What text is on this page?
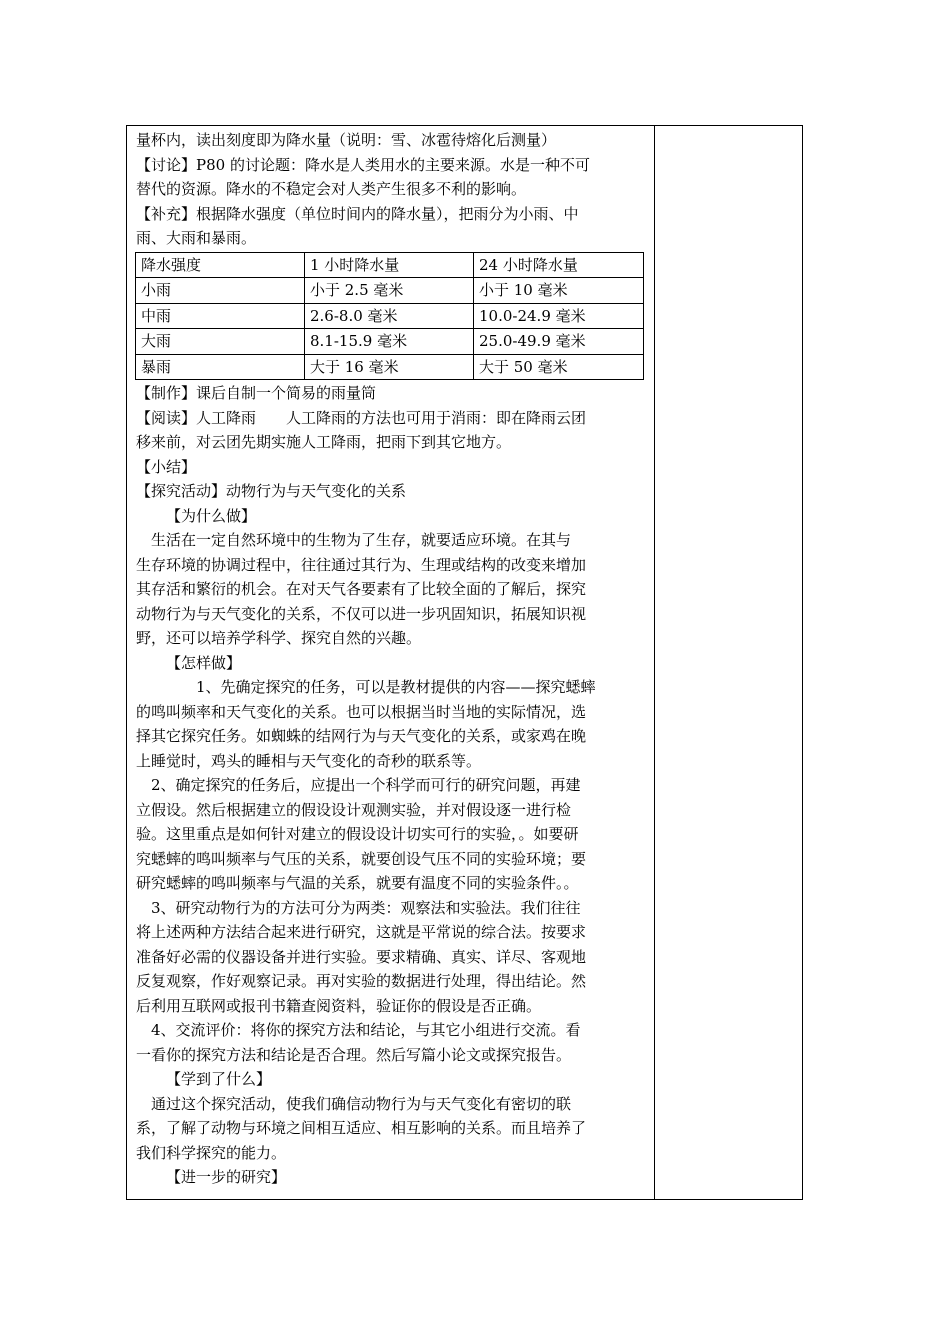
量杯内，读出刻度即为降水量（说明：雪、冰雹待熔化后测量）

【讨论】P80 的讨论题：降水是人类用水的主要来源。水是一种不可

替代的资源。降水的不稳定会对人类产生很多不利的影响。

【补充】根据降水强度（单位时间内的降水量），把雨分为小雨、中

雨、大雨和暴雨。

降水强度	1 小时降水量	24 小时降水量
小雨	小于 2.5 毫米	小于 10 毫米
中雨	2.6-8.0 毫米	10.0-24.9 毫米
大雨	8.1-15.9 毫米	25.0-49.9 毫米
暴雨	大于 16 毫米	大于 50 毫米

【制作】课后自制一个简易的雨量筒

【阅读】人工降雨　　人工降雨的方法也可用于消雨：即在降雨云团

移来前，对云团先期实施人工降雨，把雨下到其它地方。

【小结】

【探究活动】动物行为与天气变化的关系

【为什么做】

生活在一定自然环境中的生物为了生存，就要适应环境。在其与

生存环境的协调过程中，往往通过其行为、生理或结构的改变来增加

其存活和繁衍的机会。在对天气各要素有了比较全面的了解后，探究

动物行为与天气变化的关系，不仅可以进一步巩固知识，拓展知识视

野，还可以培养学科学、探究自然的兴趣。

【怎样做】

1、先确定探究的任务，可以是教材提供的内容——探究蟋蟀

的鸣叫频率和天气变化的关系。也可以根据当时当地的实际情况，选

择其它探究任务。如蜘蛛的结网行为与天气变化的关系，或家鸡在晚

上睡觉时，鸡头的睡相与天气变化的奇秒的联系等。

2、确定探究的任务后，应提出一个科学而可行的研究问题，再建

立假设。然后根据建立的假设设计观测实验，并对假设逐一进行检

验。这里重点是如何针对建立的假设设计切实可行的实验，。如要研

究蟋蟀的鸣叫频率与气压的关系，就要创设气压不同的实验环境；要

研究蟋蟀的鸣叫频率与气温的关系，就要有温度不同的实验条件。。

3、研究动物行为的方法可分为两类：观察法和实验法。我们往往

将上述两种方法结合起来进行研究，这就是平常说的综合法。按要求

准备好必需的仪器设备并进行实验。要求精确、真实、详尽、客观地

反复观察，作好观察记录。再对实验的数据进行处理，得出结论。然

后利用互联网或报刊书籍查阅资料，验证你的假设是否正确。

4、交流评价：将你的探究方法和结论，与其它小组进行交流。看

一看你的探究方法和结论是否合理。然后写篇小论文或探究报告。

【学到了什么】

通过这个探究活动，使我们确信动物行为与天气变化有密切的联

系，了解了动物与环境之间相互适应、相互影响的关系。而且培养了

我们科学探究的能力。

【进一步的研究】
